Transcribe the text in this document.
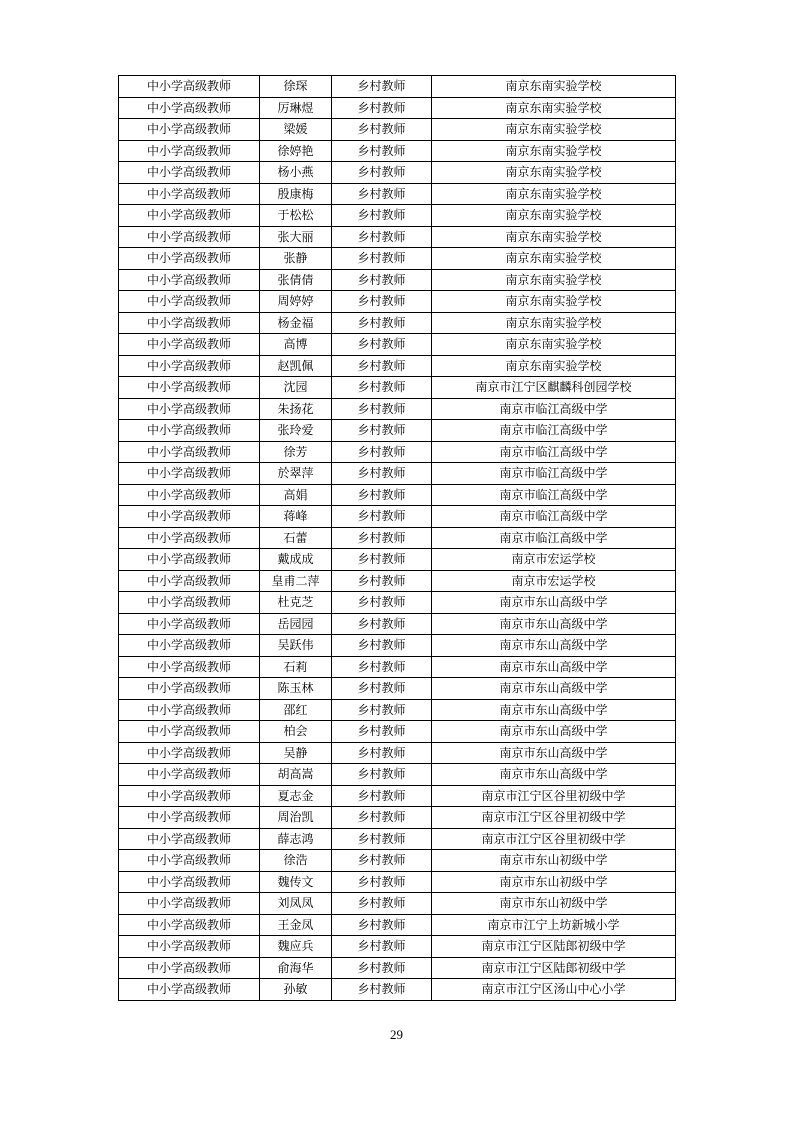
中小学高级教师	徐琛	乡村教师	南京东南实验学校
中小学高级教师	厉琳煜	乡村教师	南京东南实验学校
中小学高级教师	梁媛	乡村教师	南京东南实验学校
中小学高级教师	徐婷艳	乡村教师	南京东南实验学校
中小学高级教师	杨小燕	乡村教师	南京东南实验学校
中小学高级教师	殷康梅	乡村教师	南京东南实验学校
中小学高级教师	于松松	乡村教师	南京东南实验学校
中小学高级教师	张大丽	乡村教师	南京东南实验学校
中小学高级教师	张静	乡村教师	南京东南实验学校
中小学高级教师	张倩倩	乡村教师	南京东南实验学校
中小学高级教师	周婷婷	乡村教师	南京东南实验学校
中小学高级教师	杨金福	乡村教师	南京东南实验学校
中小学高级教师	高博	乡村教师	南京东南实验学校
中小学高级教师	赵凯佩	乡村教师	南京东南实验学校
中小学高级教师	沈园	乡村教师	南京市江宁区麒麟科创园学校
中小学高级教师	朱扬花	乡村教师	南京市临江高级中学
中小学高级教师	张玲爱	乡村教师	南京市临江高级中学
中小学高级教师	徐芳	乡村教师	南京市临江高级中学
中小学高级教师	於翠萍	乡村教师	南京市临江高级中学
中小学高级教师	高娟	乡村教师	南京市临江高级中学
中小学高级教师	蒋峰	乡村教师	南京市临江高级中学
中小学高级教师	石蕾	乡村教师	南京市临江高级中学
中小学高级教师	戴成成	乡村教师	南京市宏运学校
中小学高级教师	皇甫二萍	乡村教师	南京市宏运学校
中小学高级教师	杜克芝	乡村教师	南京市东山高级中学
中小学高级教师	岳园园	乡村教师	南京市东山高级中学
中小学高级教师	吴跃伟	乡村教师	南京市东山高级中学
中小学高级教师	石莉	乡村教师	南京市东山高级中学
中小学高级教师	陈玉林	乡村教师	南京市东山高级中学
中小学高级教师	邵红	乡村教师	南京市东山高级中学
中小学高级教师	柏会	乡村教师	南京市东山高级中学
中小学高级教师	吴静	乡村教师	南京市东山高级中学
中小学高级教师	胡高嵩	乡村教师	南京市东山高级中学
中小学高级教师	夏志金	乡村教师	南京市江宁区谷里初级中学
中小学高级教师	周治凯	乡村教师	南京市江宁区谷里初级中学
中小学高级教师	薛志鸿	乡村教师	南京市江宁区谷里初级中学
中小学高级教师	徐浩	乡村教师	南京市东山初级中学
中小学高级教师	魏传文	乡村教师	南京市东山初级中学
中小学高级教师	刘凤凤	乡村教师	南京市东山初级中学
中小学高级教师	王金凤	乡村教师	南京市江宁上坊新城小学
中小学高级教师	魏应兵	乡村教师	南京市江宁区陆郎初级中学
中小学高级教师	俞海华	乡村教师	南京市江宁区陆郎初级中学
中小学高级教师	孙敏	乡村教师	南京市江宁区汤山中心小学
29
